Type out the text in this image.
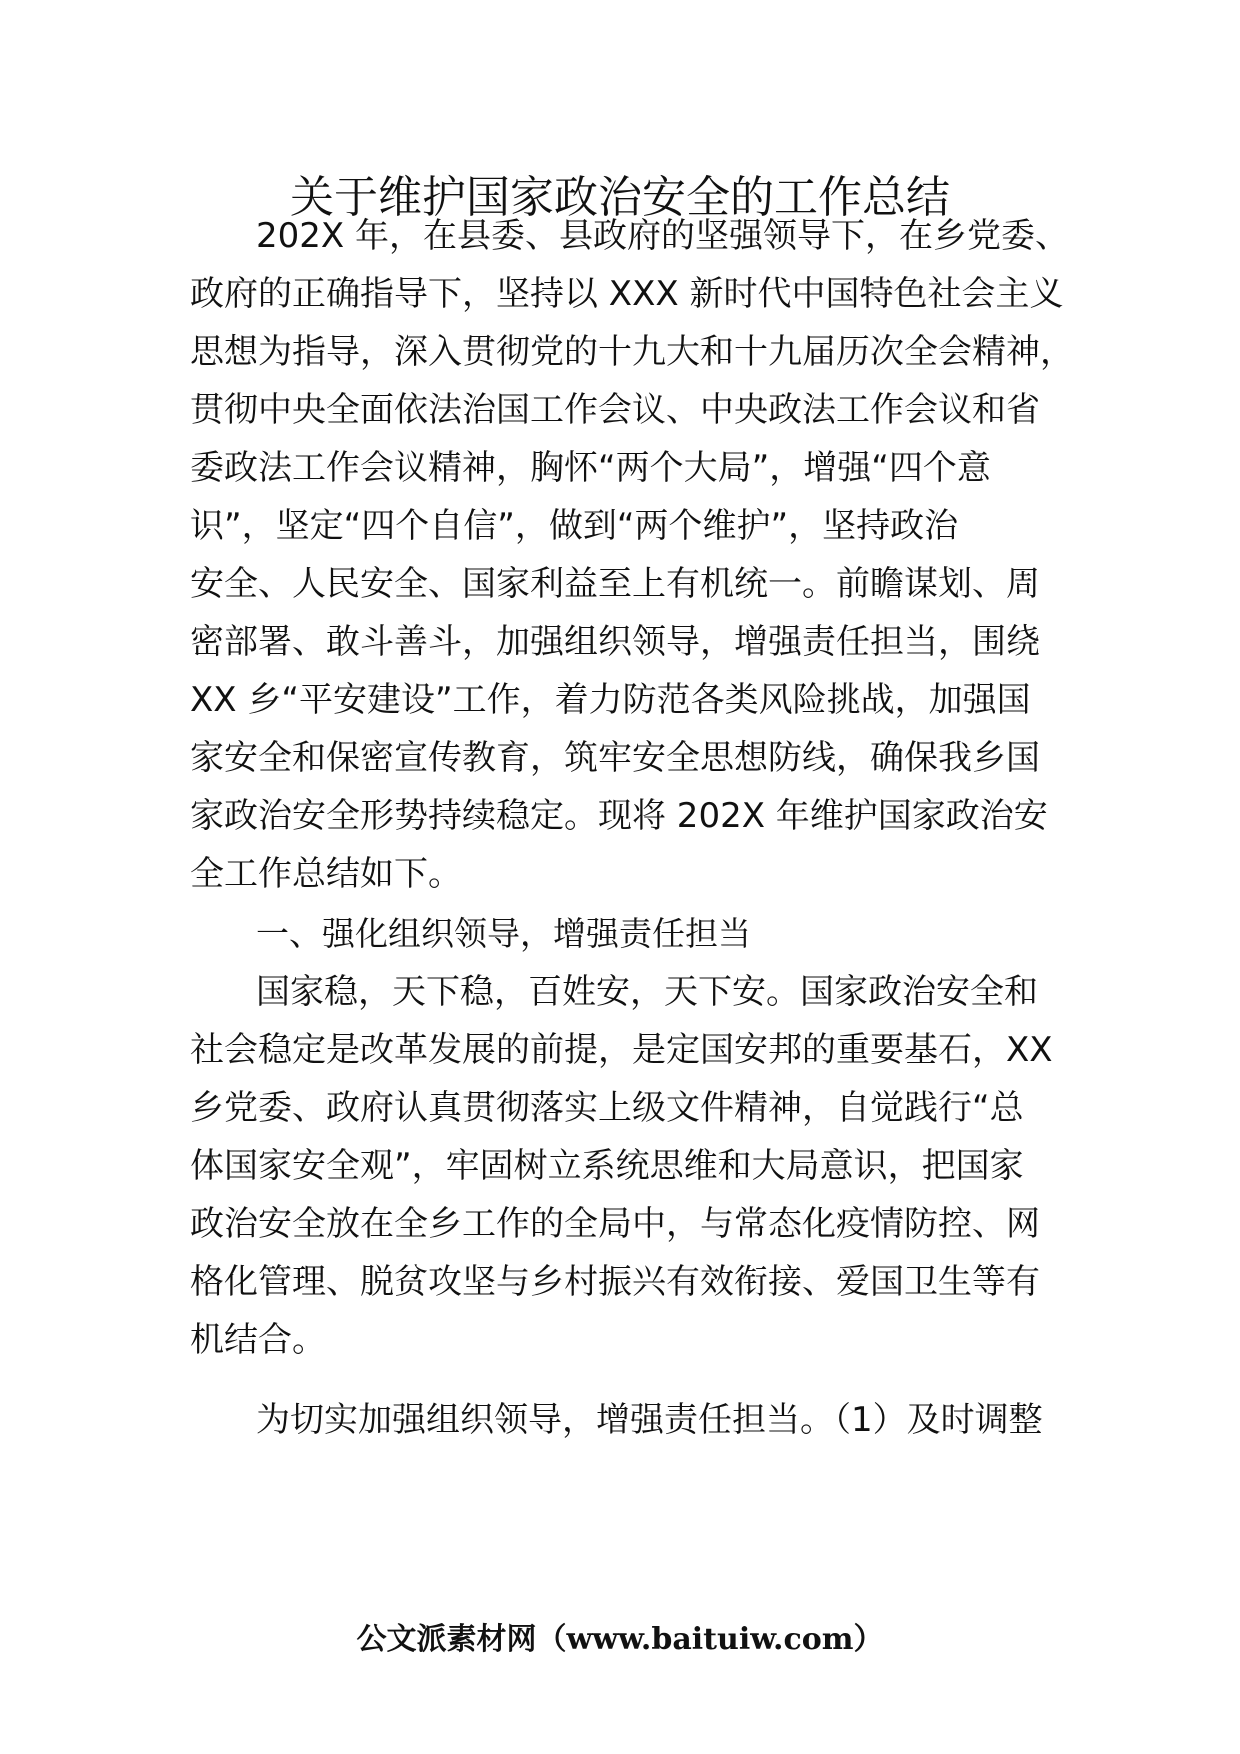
关于维护国家政治安全的工作总结
202X 年，在县委、县政府的坚强领导下，在乡党委、
政府的正确指导下，坚持以 XXX 新时代中国特色社会主义
思想为指导，深入贯彻党的十九大和十九届历次全会精神，
贯彻中央全面依法治国工作会议、中央政法工作会议和省
委政法工作会议精神，胸怀“两个大局”，增强“四个意
识”，坚定“四个自信”，做到“两个维护”，坚持政治
安全、人民安全、国家利益至上有机统一。前瞻谋划、周
密部署、敢斗善斗，加强组织领导，增强责任担当，围绕
XX 乡“平安建设”工作，着力防范各类风险挑战，加强国
家安全和保密宣传教育，筑牢安全思想防线，确保我乡国
家政治安全形势持续稳定。现将 202X 年维护国家政治安
全工作总结如下。
一、强化组织领导，增强责任担当
国家稳，天下稳，百姓安，天下安。国家政治安全和
社会稳定是改革发展的前提，是定国安邦的重要基石，XX
乡党委、政府认真贯彻落实上级文件精神，自觉践行“总
体国家安全观”，牢固树立系统思维和大局意识，把国家
政治安全放在全乡工作的全局中，与常态化疫情防控、网
格化管理、脱贫攻坚与乡村振兴有效衔接、爱国卫生等有
机结合。
为切实加强组织领导，增强责任担当。（1）及时调整
公文派素材网（www.baituiw.com）
